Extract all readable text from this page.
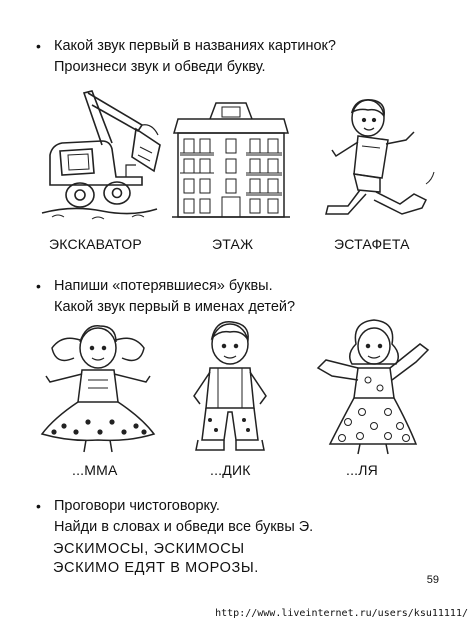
• Какой звук первый в названиях картинок?
Произнеси звук и обведи букву.
ЭКСКАВАТОР	ЭТАЖ	ЭСТАФЕТА
• Напиши «потерявшиеся» буквы.
Какой звук первый в именах детей?
...ММА	...ДИК	...ЛЯ
• Проговори чистоговорку.
Найди в словах и обведи все буквы Э.
ЭСКИМОСЫ, ЭСКИМОСЫ
ЭСКИМО ЕДЯТ В МОРОЗЫ.
59
http://www.liveinternet.ru/users/ksu11111/
